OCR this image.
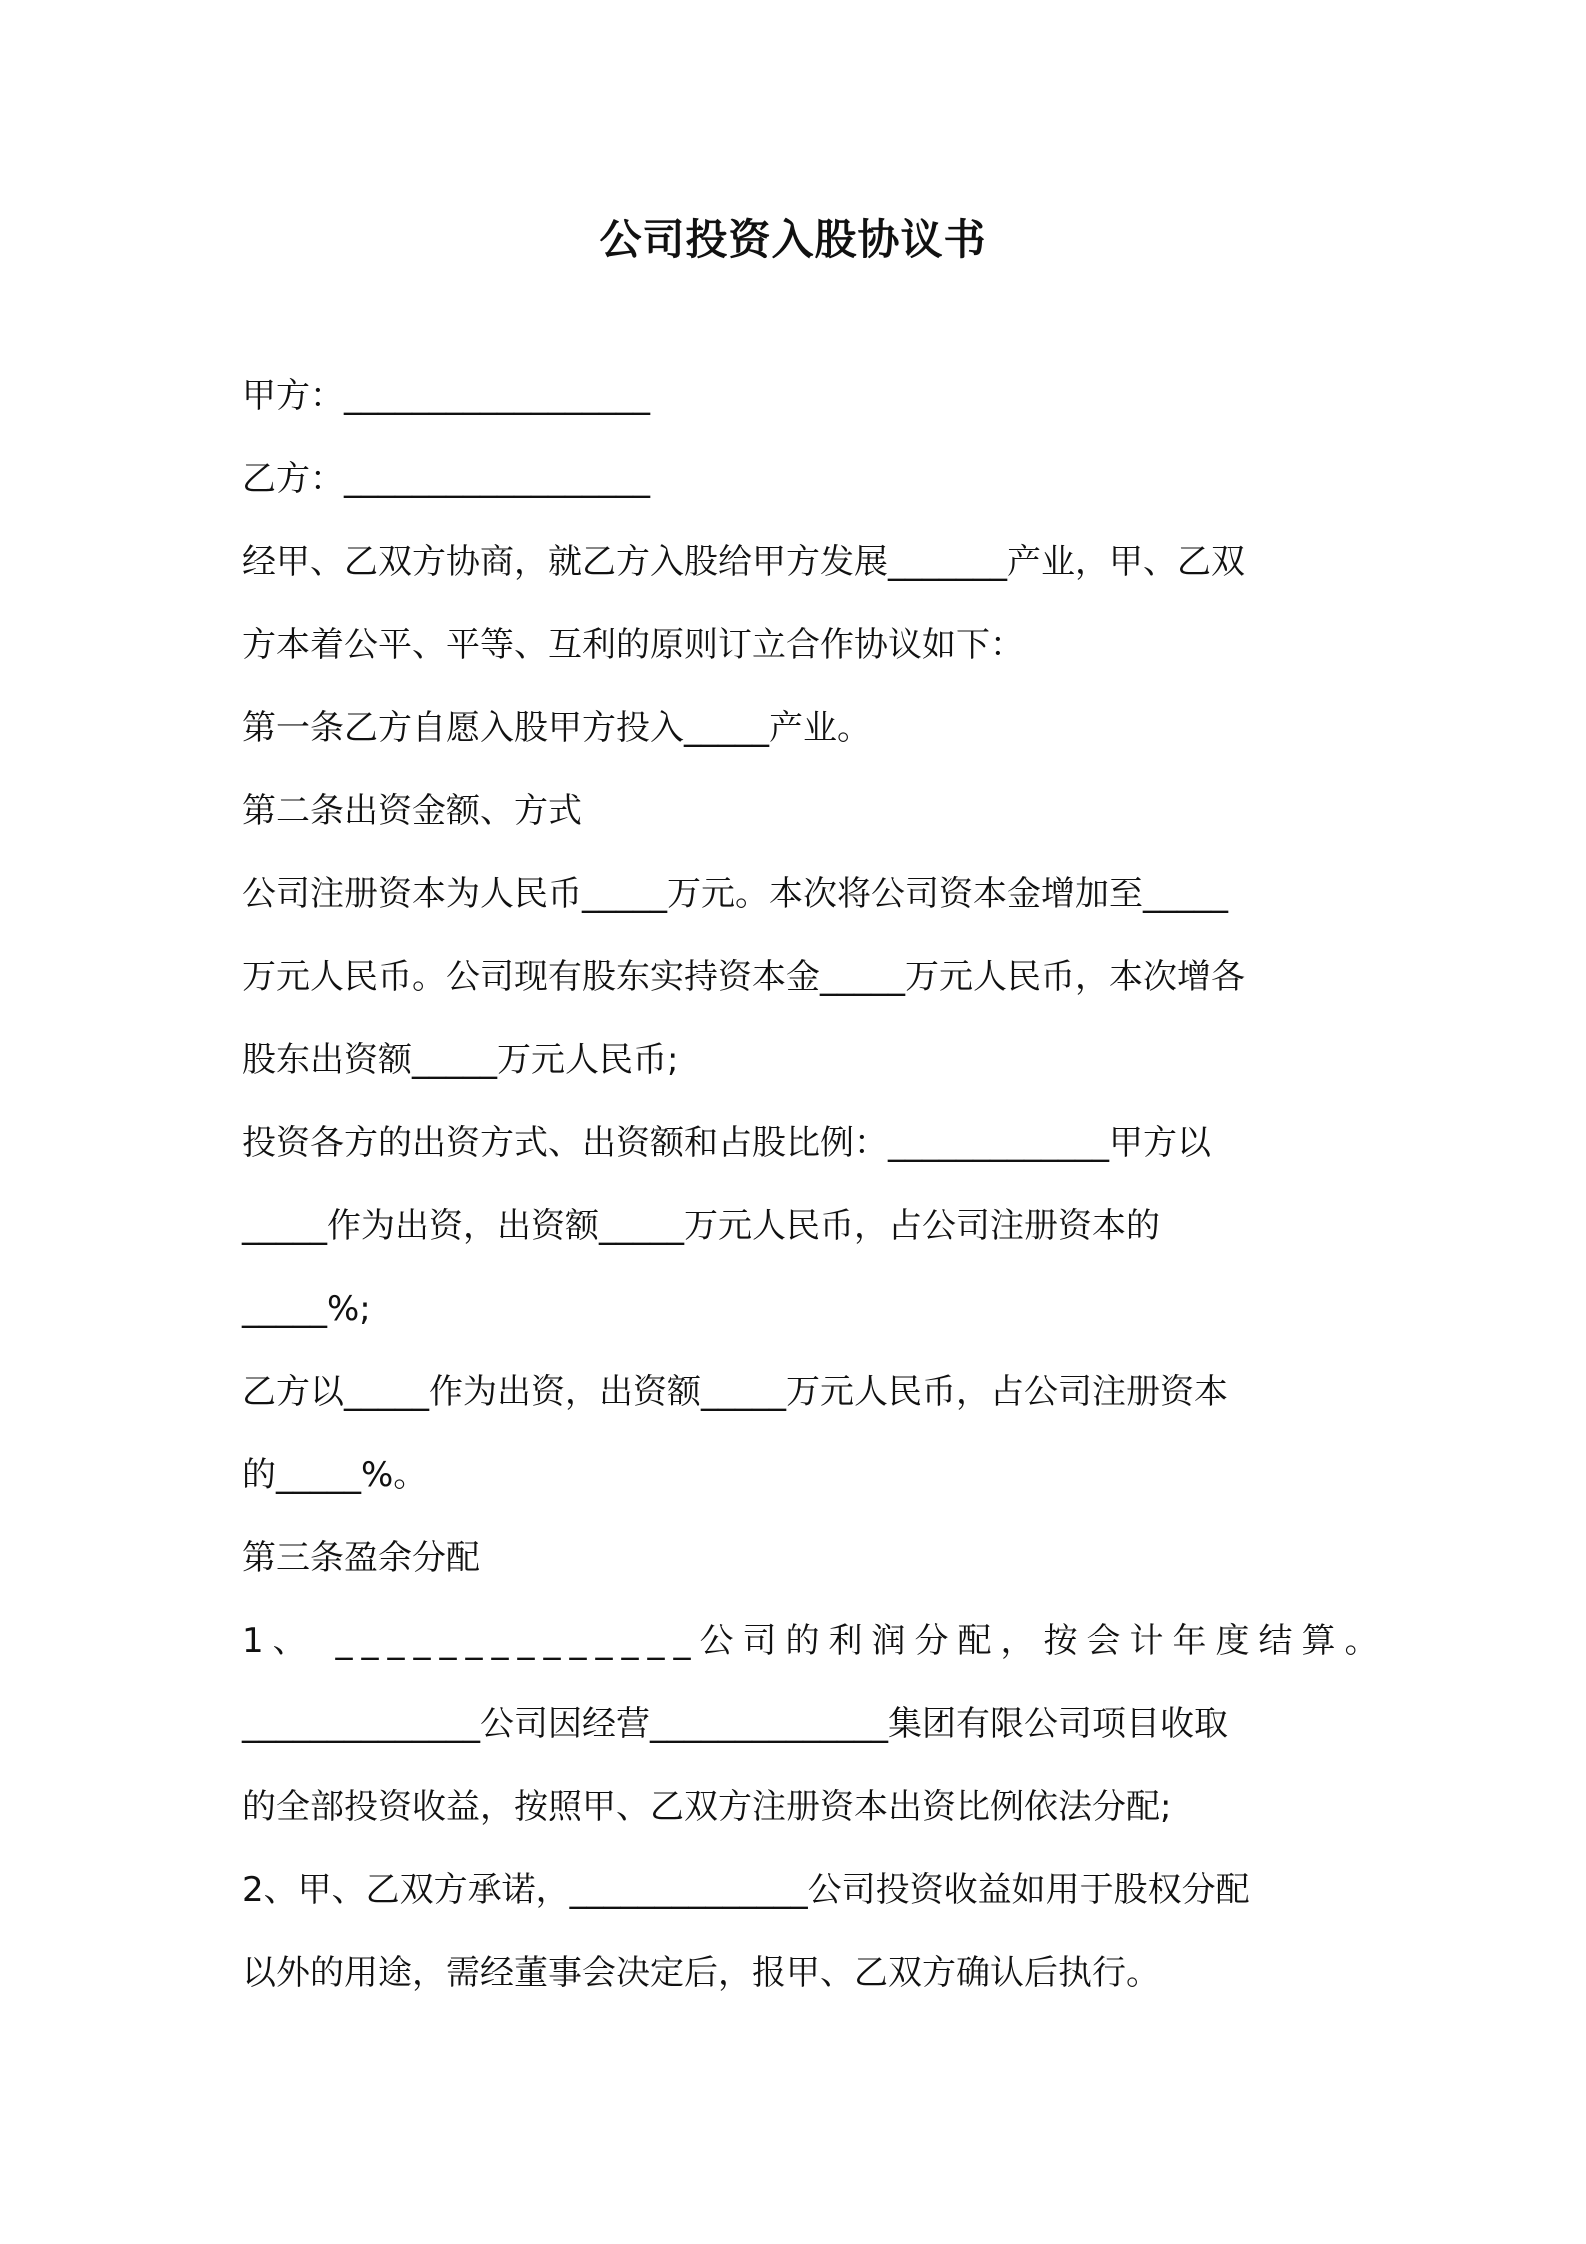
公司投资入股协议书
甲方：__________________
乙方：__________________
经甲、乙双方协商，就乙方入股给甲方发展_______产业，甲、乙双
方本着公平、平等、互利的原则订立合作协议如下：
第一条乙方自愿入股甲方投入_____产业。
第二条出资金额、方式
公司注册资本为人民币_____万元。本次将公司资本金增加至_____
万元人民币。公司现有股东实持资本金_____万元人民币，本次增各
股东出资额_____万元人民币;
投资各方的出资方式、出资额和占股比例：_____________甲方以
_____作为出资，出资额_____万元人民币，占公司注册资本的
_____%;
乙方以_____作为出资，出资额_____万元人民币，占公司注册资本
的_____%。
第三条盈余分配
1、 ______________公司的利润分配，按会计年度结算。
______________公司因经营______________集团有限公司项目收取
的全部投资收益，按照甲、乙双方注册资本出资比例依法分配;
2、甲、乙双方承诺，______________公司投资收益如用于股权分配
以外的用途，需经董事会决定后，报甲、乙双方确认后执行。
